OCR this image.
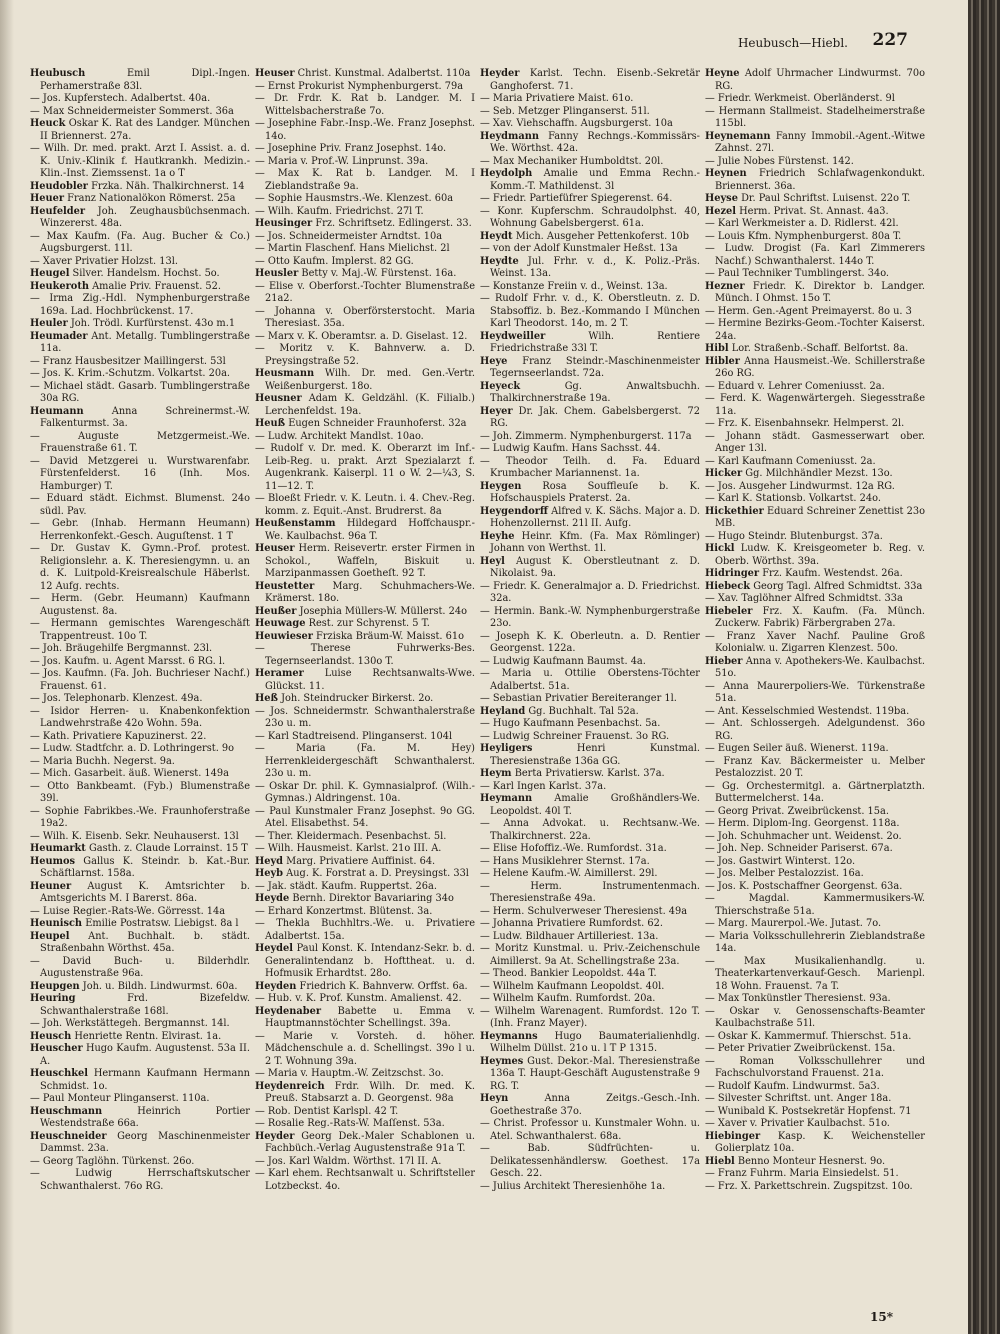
Heubusch—Hiebl. 227

Heubusch	Emil Dipl.-Ingen. Perhamerstraße 83l.

— Jos. Kupferstech. Adalbertst. 40a.

— Max Schneidermeister Sommerst. 36a

Heuck Oskar K. Rat des Landger. München II Briennerst. 27a.

— Wilh. Dr. med. prakt. Arzt I. Assist. a. d. K. Univ.-Klinik f. Hautkrankh. Medizin.-Klin.-Inst. Ziemssenst. 1a o T

Heudobler Frzka. Näh. Thalkirchnerst. 14

Heuer Franz Nationalökon Römerst. 25a

Heufelder Joh. Zeughausbüchsenmach. Winzererst. 48a.

— Max Kaufm. (Fa. Aug. Bucher & Co.) Augsburgerst. 11l.

— Xaver Privatier Holzst. 13l.

Heugel Silver. Handelsm. Hochst. 5o.

Heukeroth Amalie Priv. Frauenst. 52.

— Irma Zig.-Hdl. Nymphenburgerstraße 169a. Lad. Hochbrückenst. 17.

Heuler Joh. Trödl. Kurfürstenst. 43o m.1

Heumader Ant. Metallg. Tumblingerstraße 11a.

— Franz Hausbesitzer Maillingerst. 53l

— Jos. K. Krim.-Schutzm. Volkartst. 20a.

— Michael städt. Gasarb. Tumblingerstraße 30a RG.

Heumann	Anna Schreinermst.-W. Falkenturmst. 3a.

— Auguste Metzgermeist.-We. Frauenstraße 61. T.

— David Metzgerei u. Wurstwarenfabr. Fürstenfelderst. 16 (Inh. Mos. Hamburger) T.

— Eduard städt. Eichmst. Blumenst. 24o südl. Pav.

— Gebr. (Inhab. Hermann Heumann) Herrenkonfekt.-Gesch. Auguſtenst. 1 T

— Dr. Gustav K. Gymn.-Prof. protest. Religionslehr. a. K. Theresiengymn. u. an d. K. Luitpold-Kreisrealschule Häberlst. 12 Aufg. rechts.

— Herm. (Gebr. Heumann) Kaufmann Augustenst. 8a.

— Hermann gemischtes Warengeschäft Trappentreust. 10o T.

— Joh. Bräugehilfe Bergmannst. 23l.

— Jos. Kaufm. u. Agent Marsst. 6 RG. l.

— Jos. Kaufmn. (Fa. Joh. Buchrieser Nachf.) Frauenst. 61.

— Jos. Telephonarb. Klenzest. 49a.

— Isidor Herren- u. Knabenkonfektion Landwehrstraße 42o Wohn. 59a.

— Kath. Privatiere Kapuzinerst. 22.

— Ludw. Stadtfchr. a. D. Lothringerst. 9o

— Maria Buchh. Negerst. 9a.

— Mich. Gasarbeit. äuß. Wienerst. 149a

— Otto Bankbeamt. (Fyb.) Blumenstraße 39l.

— Sophie Fabrikbes.-We. Fraunhoferstraße 19a2.

— Wilh. K. Eisenb. Sekr. Neuhauserst. 13l

Heumarkt Gasth. z. Claude Lorrainst. 15 T

Heumos Gallus K. Steindr. b. Kat.-Bur. Schäftlarnst. 158a.

Heuner August K. Amtsrichter b. Amtsgerichts M. I Barerst. 86a.

— Luise Regier.-Rats-We. Görresst. 14a

Heunisch Emilie Postratsw. Liebigst. 8a l

Heupel Ant. Buchhalt. b. städt. Straßenbahn Wörthst. 45a.

— David Buch- u. Bilderhdlr. Augustenstraße 96a.

Heupgen Joh. u. Bildh. Lindwurmst. 60a.

Heuring	Frd. Bizefeldw. Schwanthalerstraße 168l.

— Joh. Werkstättegeh. Bergmannst. 14l.

Heusch Henriette Rentn. Elvirast. 1a.

Heuscher Hugo Kaufm. Augustenst. 53a II. A.

Heuschkel Hermann Kaufmann Hermann Schmidst. 1o.

— Paul Monteur Plinganserst. 110a.

Heuschmann	Heinrich Portier Westendstraße 66a.

Heuschneider Georg Maschinenmeister Dammst. 23a.

— Georg Taglöhn. Türkenst. 26o.

— Ludwig Herrschaftskutscher Schwanthalerst. 76o RG.

Heuser Christ. Kunstmal. Adalbertst. 110a

— Ernst Prokurist Nymphenburgerst. 79a

— Dr. Frdr. K. Rat b. Landger. M. I Wittelsbacherstraße 7o.

— Josephine Fabr.-Insp.-We. Franz Josephst. 14o.

— Josephine Priv. Franz Josephst. 14o.

— Maria v. Prof.-W. Linprunst. 39a.

— Max K. Rat b. Landger. M. I Zieblandstraße 9a.

— Sophie Hausmstrs.-We. Klenzest. 60a

— Wilh. Kaufm. Friedrichst. 27l T.

Heusinger Frz. Schriftsetz. Edlingerst. 33.

— Jos. Schneidermeister Arndtst. 10a

— Martin Flaschenf. Hans Mielichst. 2l

— Otto Kaufm. Implerst. 82 GG.

Heusler Betty v. Maj.-W. Fürstenst. 16a.

— Elise v. Oberforst.-Tochter Blumenstraße 21a2.

— Johanna v. Oberförsterstocht. Maria Theresiast. 35a.

— Marx v. K. Oberamtsr. a. D. Giselast. 12.

— Moritz v. K. Bahnverw. a. D. Preysingstraße 52.

Heusmann Wilh. Dr. med. Gen.-Vertr. Weißenburgerst. 18o.

Heusner Adam K. Geldzähl. (K. Filialb.) Lerchenfeldst. 19a.

Heuß Eugen Schneider Fraunhoferst. 32a

— Ludw. Architekt Mandlst. 10ao.

— Rudolf v. Dr. med. K. Oberarzt im Inf.-Leib-Reg. u. prakt. Arzt Spezialarzt f. Augenkrank. Kaiserpl. 11 o W. 2—¼3, S. 11—12. T.

— Bloeßt Friedr. v. K. Leutn. i. 4. Chev.-Reg. komm. z. Equit.-Anst. Brudrerst. 8a

Heußenstamm Hildegard Hoffchauspr.-We. Kaulbachst. 96a T.

Heuser Herm. Reisevertr. erster Firmen in Schokol., Waffeln, Biskuit u. Marzipanmassen Goetheſt. 92 T.

Heustetter Marg. Schuhmachers-We. Krämerst. 18o.

Heußer Josephia Müllers-W. Müllerst. 24o

Heuwage Rest. zur Schyrenst. 5 T.

Heuwieser Frziska Bräum-W. Maisst. 61o

— Therese Fuhrwerks-Bes. Tegernseerlandst. 130o T.

Heramer Luise Rechtsanwalts-Wwe. Glückst. 11.

Heß Joh. Steindrucker Birkerst. 2o.

— Jos. Schneidermstr. Schwanthalerstraße 23o u. m.

— Karl Stadtreisend. Plinganserst. 104l

— Maria (Fa. M. Hey) Herrenkleidergeschäft Schwanthalerst. 23o u. m.

— Oskar Dr. phil. K. Gymnasialprof. (Wilh.-Gymnas.) Aldringenst. 10a.

— Paul Kunstmaler Franz Josephst. 9o GG. Atel. Elisabethst. 54.

— Ther. Kleidermach. Pesenbachst. 5l.

— Wilh. Hausmeist. Karlst. 21o III. A.

Heyd Marg. Privatiere Auffinist. 64.

Heyb Aug. K. Forstrat a. D. Preysingst. 33l

— Jak. städt. Kaufm. Ruppertst. 26a.

Heyde Bernh. Direktor Bavariaring 34o

— Erhard Konzertmst. Blütenst. 3a.

— Thekla Buchhltrs.-We. u. Privatiere Adalbertst. 15a.

Heydel Paul Konst. K. Intendanz-Sekr. b. d. Generalintendanz b. Hofttheat. u. d. Hofmusik Erhardtst. 28o.

Heyden Friedrich K. Bahnverw. Orffst. 6a.

— Hub. v. K. Prof. Kunstm. Amalienst. 42.

Heydenaber Babette u. Emma v. Hauptmannstöchter Schellingst. 39a.

— Marie v. Vorsteh. d. höher. Mädchenschule a. d. Schellingst. 39o l u. 2 T. Wohnung 39a.

— Maria v. Hauptm.-W. Zeitzschst. 3o.

Heydenreich Frdr. Wilh. Dr. med. K. Preuß. Stabsarzt a. D. Georgenst. 98a

— Rob. Dentist Karlspl. 42 T.

— Rosalie Reg.-Rats-W. Maſſenst. 53a.

Heyder Georg Dek.-Maler Schablonen u. Fachbüch.-Verlag Augustenstraße 91a T.

— Jos. Karl Waldm. Wörthst. 17l II. A.

— Karl ehem. Rechtsanwalt u. Schriftsteller Lotzbeckst. 4o.

Heyder Karlst. Techn. Eisenb.-Sekretär Ganghoferst. 71.

— Maria Privatiere Maist. 61o.

— Seb. Metzger Plinganserst. 51l.

— Xav. Viehschaffn. Augsburgerst. 10a

Heydmann Fanny Rechngs.-Kommissärs-We. Wörthst. 42a.

— Max Mechaniker Humboldtst. 20l.

Heydolph Amalie und Emma Rechn.-Komm.-T. Mathildenst. 3l

— Friedr. Partiefüfrer Spiegerenst. 64.

— Konr. Kupferschm. Schraudolphst. 40, Wohnung Gabelsbergerst. 61a.

Heydt Mich. Ausgeher Pettenkoferst. 10b

— von der Adolf Kunstmaler Heßst. 13a

Heydte Jul. Frhr. v. d., K. Poliz.-Präs. Weinst. 13a.

— Konstanze Freiin v. d., Weinst. 13a.

— Rudolf Frhr. v. d., K. Oberstleutn. z. D. Stabsoffiz. b. Bez.-Kommando I München Karl Theodorst. 14o, m. 2 T.

Heydweiller	Wilh. Rentiere Friedrichstraße 33l T.

Heye Franz Steindr.-Maschinenmeister Tegernseerlandst. 72a.

Heyeck	Gg. Anwaltsbuchh. Thalkirchnerstraße 19a.

Heyer Dr. Jak. Chem. Gabelsbergerst. 72 RG.

— Joh. Zimmerm. Nymphenburgerst. 117a

— Ludwig Kaufm. Hans Sachsst. 44.

— Theodor Teilh. d. Fa. Eduard Krumbacher Mariannenst. 1a.

Heygen Rosa Souffleuſe b. K. Hofschauspiels Praterst. 2a.

Heygendorff Alfred v. K. Sächs. Major a. D. Hohenzollernst. 21l II. Aufg.

Heyhe Heinr. Kfm. (Fa. Max Römlinger) Johann von Werthst. 1l.

Heyl August K. Oberstleutnant z. D. Nikolaist. 9a.

— Friedr. K. Generalmajor a. D. Friedrichst. 32a.

— Hermin. Bank.-W. Nymphenburgerstraße 23o.

— Joseph K. K. Oberleutn. a. D. Rentier Georgenst. 122a.

— Ludwig Kaufmann Baumst. 4a.

— Maria u. Ottilie Oberstens-Töchter Adalbertst. 51a.

— Sebastian Privatier Bereiteranger 1l.

Heyland Gg. Buchhalt. Tal 52a.

— Hugo Kaufmann Pesenbachst. 5a.

— Ludwig Schreiner Frauenst. 3o RG.

Heyligers	Henri Kunstmal. Theresienstraße 136a GG.

Heym Berta Privatiersw. Karlst. 37a.

— Karl Ingen Karlst. 37a.

Heymann Amalie Großhändlers-We. Leopoldst. 40l T.

— Anna Advokat. u. Rechtsanw.-We. Thalkirchnerst. 22a.

— Elise Hofoffiz.-We. Rumfordst. 31a.

— Hans Musiklehrer Sternst. 17a.

— Helene Kaufm.-W. Aimillerst. 29l.

— Herm. Instrumentenmach. Theresienstraße 49a.

— Herm. Schulverweser Theresienst. 49a

— Johanna Privatiere Rumfordst. 62.

— Ludw. Bildhauer Artilleriest. 13a.

— Moritz Kunstmal. u. Priv.-Zeichenschule Aimillerst. 9a At. Schellingstraße 23a.

— Theod. Bankier Leopoldst. 44a T.

— Wilhelm Kaufmann Leopoldst. 40l.

— Wilhelm Kaufm. Rumfordst. 20a.

— Wilhelm Warenagent. Rumfordst. 12o T. (Inh. Franz Mayer).

Heymanns Hugo Baumaterialienhdlg. Wilhelm Düllst. 21o u. l T P 1315.

Heymes Gust. Dekor.-Mal. Theresienstraße 136a T. Haupt-Geschäft Augustenstraße 9 RG. T.

Heyn	Anna Zeitgs.-Gesch.-Inh. Goethestraße 37o.

— Christ. Professor u. Kunstmaler Wohn. u. Atel. Schwanthalerst. 68a.

— Bab. Südfrüchten- u. Delikatessenhändlersw. Goethest. 17a Gesch. 22.

— Julius Architekt Theresienhöhe 1a.

Heyne Adolf Uhrmacher Lindwurmst. 70o RG.

— Friedr. Werkmeist. Oberländerst. 9l

— Hermann Stallmeist. Stadelheimerstraße 115bl.

Heynemann Fanny Immobil.-Agent.-Witwe Zahnst. 27l.

— Julie Nobes Fürstenst. 142.

Heynen Friedrich Schlafwagenkondukt. Briennerst. 36a.

Heyse Dr. Paul Schriftst. Luisenst. 22o T.

Hezel Herm. Privat. St. Annast. 4a3.

— Karl Werkmeister a. D. Ridlerst. 42l.

— Louis Kfm. Nymphenburgerst. 80a T.

— Ludw. Drogist (Fa. Karl Zimmerers Nachf.) Schwanthalerst. 144o T.

— Paul Techniker Tumblingerst. 34o.

Hezner Friedr. K. Direktor b. Landger. Münch. I Ohmst. 15o T.

— Herm. Gen.-Agent Preimayerst. 8o u. 3

— Hermine Bezirks-Geom.-Tochter Kaiserst. 24a.

Hibl Lor. Straßenb.-Schaff. Belfortst. 8a.

Hibler Anna Hausmeist.-We. Schillerstraße 26o RG.

— Eduard v. Lehrer Comeniusst. 2a.

— Ferd. K. Wagenwärtergeh. Siegesstraße 11a.

— Frz. K. Eisenbahnsekr. Helmperst. 2l.

— Johann städt. Gasmesserwart ober. Anger 13l.

— Karl Kaufmann Comeniusst. 2a.

Hicker Gg. Milchhändler Mezst. 13o.

— Jos. Ausgeher Lindwurmst. 12a RG.

— Karl K. Stationsb. Volkartst. 24o.

Hickethier Eduard Schreiner Zenettist 23o MB.

— Hugo Steindr. Blutenburgst. 37a.

Hickl Ludw. K. Kreisgeometer b. Reg. v. Oberb. Wörthst. 39a.

Hidringer Frz. Kaufm. Westendst. 26a.

Hiebeck Georg Tagl. Alfred Schmidtst. 33a

— Xav. Taglöhner Alfred Schmidtst. 33a

Hiebeler Frz. X. Kaufm. (Fa. Münch. Zuckerw. Fabrik) Färbergraben 27a.

— Franz Xaver Nachf. Pauline Groß Kolonialw. u. Zigarren Klenzest. 50o.

Hieber Anna v. Apothekers-We. Kaulbachst. 51o.

— Anna Maurerpoliers-We. Türkenstraße 51a.

— Ant. Kesselschmied Westendst. 119ba.

— Ant. Schlossergeh. Adelgundenst. 36o RG.

— Eugen Seiler äuß. Wienerst. 119a.

— Franz Kav. Bäckermeister u. Melber Pestalozzist. 20 T.

— Gg. Orchestermitgl. a. Gärtnerplatzth. Buttermelcherst. 14a.

— Georg Privat. Zweibrückenst. 15a.

— Herm. Diplom-Ing. Georgenst. 118a.

— Joh. Schuhmacher unt. Weidenst. 2o.

— Joh. Nep. Schneider Pariserst. 67a.

— Jos. Gastwirt Winterst. 12o.

— Jos. Melber Pestalozzist. 16a.

— Jos. K. Postschaffner Georgenst. 63a.

— Magdal. Kammermusikers-W. Thierschstraße 51a.

— Marg. Maurerpol.-We. Jutast. 7o.

— Maria Volksschullehrerin Zieblandstraße 14a.

— Max Musikalienhandlg. u. Theaterkartenverkauf-Gesch. Marienpl. 18 Wohn. Frauenst. 7a T.

— Max Tonkünstler Theresienst. 93a.

— Oskar v. Genossenschafts-Beamter Kaulbachstraße 51l.

— Oskar K. Kammermuf. Thierschst. 51a.

— Peter Privatier Zweibrückenst. 15a.

— Roman Volksschullehrer und Fachschulvorstand Frauenst. 21a.

— Rudolf Kaufm. Lindwurmst. 5a3.

— Silvester Schriftst. unt. Anger 18a.

— Wunibald K. Postsekretär Hopfenst. 71

— Xaver v. Privatier Kaulbachst. 51o.

Hiebinger Kasp. K. Weichensteller Golierplatz 10a.

Hiebl Benno Monteur Hesnerst. 9o.

— Franz Fuhrm. Maria Einsiedelst. 51.

— Frz. X. Parkettschrein. Zugspitzst. 10o.

15*
